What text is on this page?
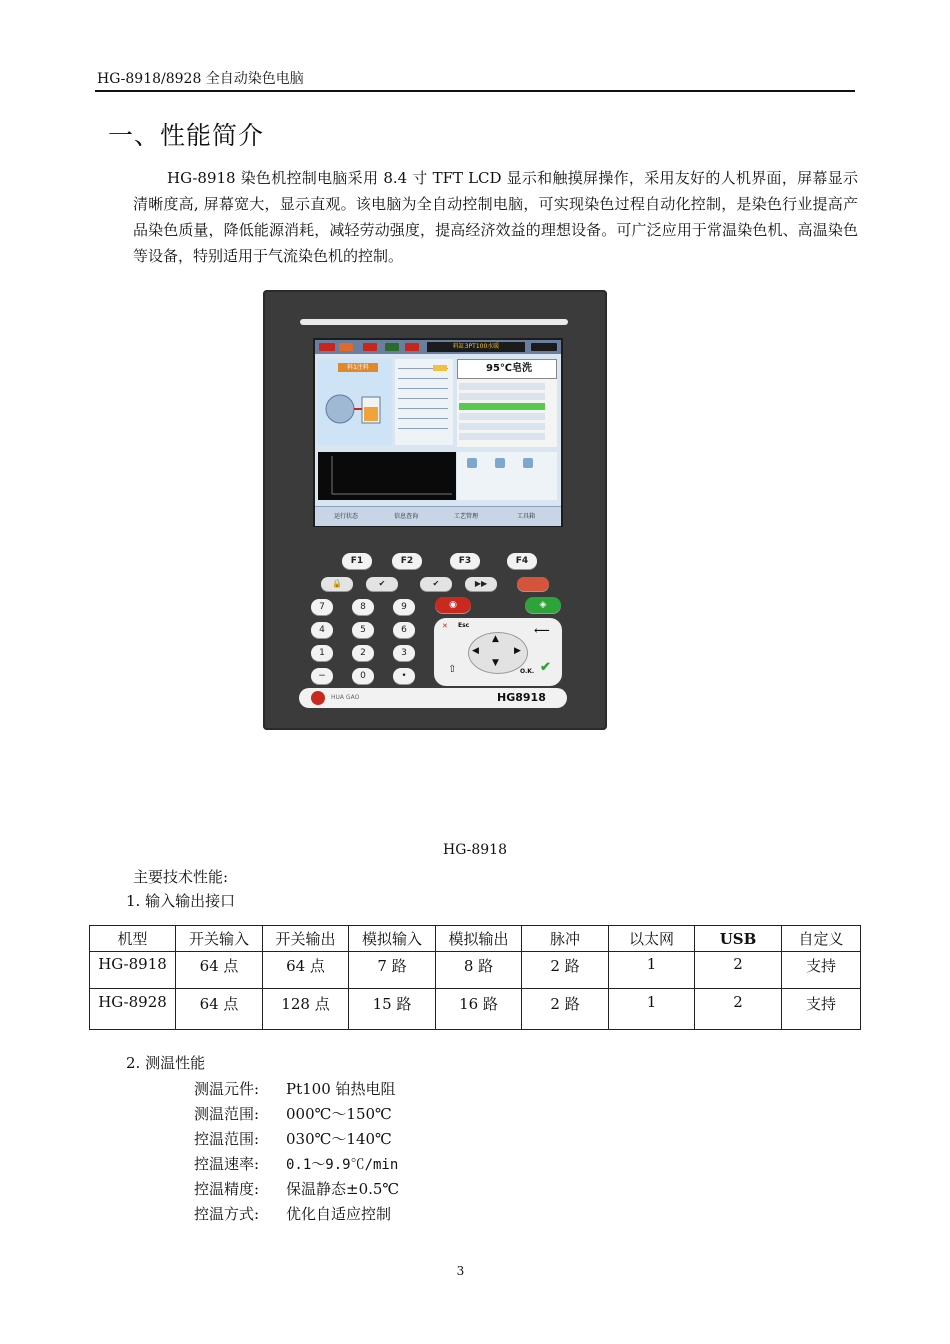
HG-8918/8928 全自动染色电脑
一、性能简介
HG-8918 染色机控制电脑采用 8.4 寸 TFT LCD 显示和触摸屏操作，采用友好的人机界面，屏幕显示清晰度高, 屏幕宽大，显示直观。该电脑为全自动控制电脑，可实现染色过程自动化控制，是染色行业提高产品染色质量，降低能源消耗，减轻劳动强度，提高经济效益的理想设备。可广泛应用于常温染色机、高温染色等设备，特别适用于气流染色机的控制。
料缸3PT100水暖
料1注料	95℃皂洗
运行状态	信息查询	工艺管理	工具箱
F1	F2	F3	F4
🔒	✔	✔	▶▶
7	8	9
4	5	6
1	2	3
−	0	•
◉	◈
✕ Esc
▲
▼
◀	▶
⟵
⇧	O.K. ✔
HUA GAO	HG8918
HG-8918
主要技术性能:
1. 输入输出接口
机型	开关输入	开关输出	模拟输入	模拟输出	脉冲	以太网	USB	自定义
HG-8918	64 点	64 点	7 路	8 路	2 路	1	2	支持
HG-8928	64 点	128 点	15 路	16 路	2 路	1	2	支持
2. 测温性能
测温元件: Pt100 铂热电阻
测温范围: 000℃～150℃
控温范围: 030℃～140℃
控温速率: 0.1～9.9℃/min
控温精度: 保温静态±0.5℃
控温方式: 优化自适应控制
3
